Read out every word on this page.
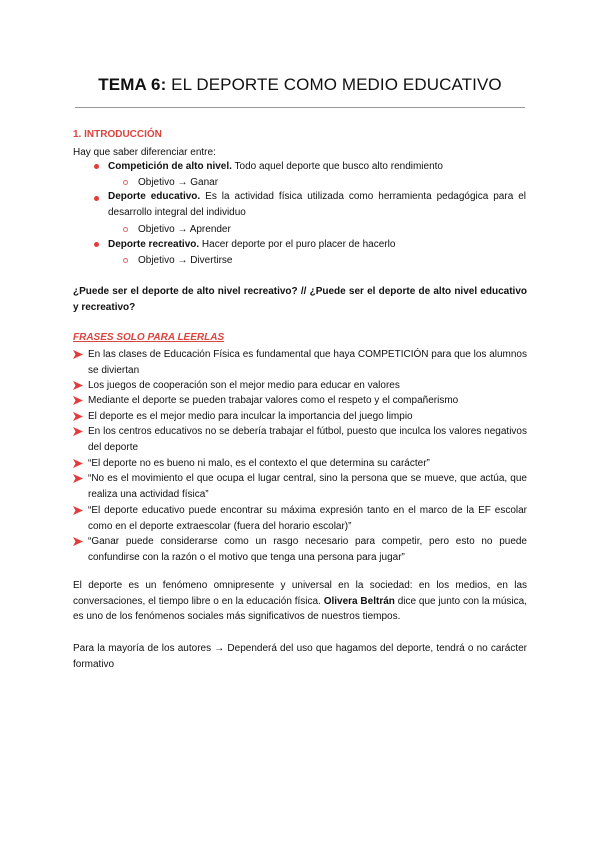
TEMA 6: EL DEPORTE COMO MEDIO EDUCATIVO
1. INTRODUCCIÓN
Hay que saber diferenciar entre:
Competición de alto nivel. Todo aquel deporte que busco alto rendimiento
Objetivo → Ganar
Deporte educativo. Es la actividad física utilizada como herramienta pedagógica para el desarrollo integral del individuo
Objetivo → Aprender
Deporte recreativo. Hacer deporte por el puro placer de hacerlo
Objetivo → Divertirse
¿Puede ser el deporte de alto nivel recreativo? // ¿Puede ser el deporte de alto nivel educativo y recreativo?
FRASES SOLO PARA LEERLAS
En las clases de Educación Física es fundamental que haya COMPETICIÓN para que los alumnos se diviertan
Los juegos de cooperación son el mejor medio para educar en valores
Mediante el deporte se pueden trabajar valores como el respeto y el compañerismo
El deporte es el mejor medio para inculcar la importancia del juego limpio
En los centros educativos no se debería trabajar el fútbol, puesto que inculca los valores negativos del deporte
“El deporte no es bueno ni malo, es el contexto el que determina su carácter”
“No es el movimiento el que ocupa el lugar central, sino la persona que se mueve, que actúa, que realiza una actividad física”
“El deporte educativo puede encontrar su máxima expresión tanto en el marco de la EF escolar como en el deporte extraescolar (fuera del horario escolar)”
“Ganar puede considerarse como un rasgo necesario para competir, pero esto no puede confundirse con la razón o el motivo que tenga una persona para jugar”
El deporte es un fenómeno omnipresente y universal en la sociedad: en los medios, en las conversaciones, el tiempo libre o en la educación física. Olivera Beltrán dice que junto con la música, es uno de los fenómenos sociales más significativos de nuestros tiempos.
Para la mayoría de los autores → Dependerá del uso que hagamos del deporte, tendrá o no carácter formativo
